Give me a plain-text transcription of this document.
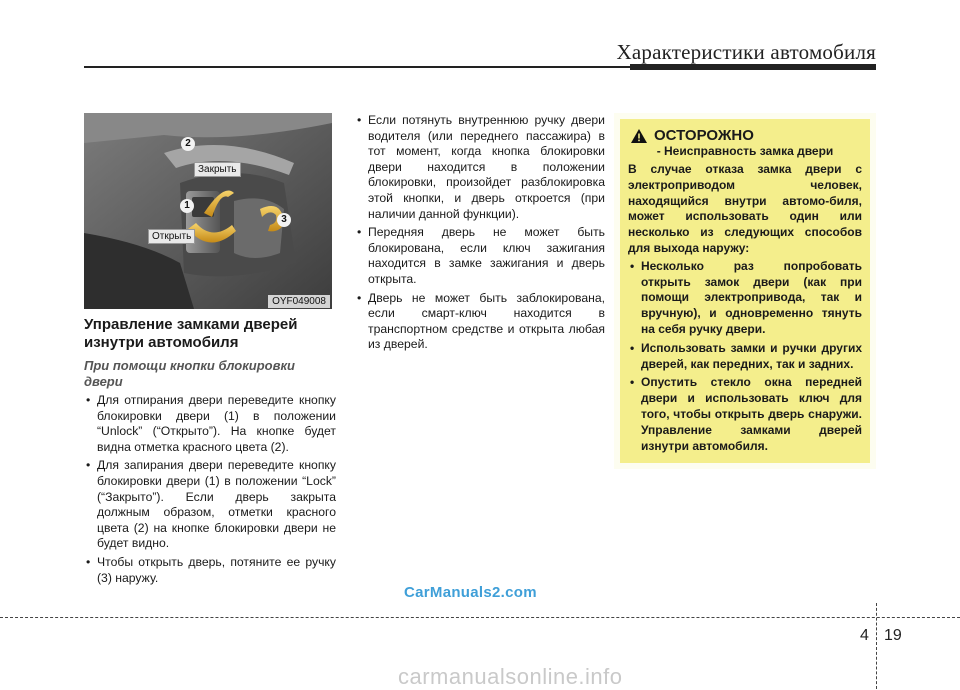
Характеристики автомобиля
2
1
3
Закрыть
Открыть
OYF049008
Управление замками дверей изнутри автомобиля
При помощи кнопки блокировки двери
• Для отпирания двери переведите кнопку блокировки двери (1) в положении “Unlock” (“Открыто”). На кнопке будет видна отметка красного цвета (2).
• Для запирания двери переведите кнопку блокировки двери (1) в положении “Lock” (“Закрыто”). Если дверь закрыта должным образом, отметки красного цвета (2) на кнопке блокировки двери не будет видно.
• Чтобы открыть дверь, потяните ее ручку (3) наружу.
• Если потянуть внутреннюю ручку двери водителя (или переднего пассажира) в тот момент, когда кнопка блокировки двери находится в положении блокировки, произойдет разблокировка этой кнопки, и дверь откроется (при наличии данной функции).
• Передняя дверь не может быть блокирована, если ключ зажигания находится в замке зажигания и дверь открыта.
• Дверь не может быть заблокирована, если смарт-ключ находится в транспортном средстве и открыта любая из дверей.
ОСТОРОЖНО
- Неисправность замка двери
В случае отказа замка двери с электроприводом человек, находящийся внутри автомо-биля, может использовать один или несколько из следующих способов для выхода наружу:
• Несколько раз попробовать открыть замок двери (как при помощи электропривода, так и вручную), и одновременно тянуть на себя ручку двери.
• Использовать замки и ручки других дверей, как передних, так и задних.
• Опустить стекло окна передней двери и использовать ключ для того, чтобы открыть дверь снаружи. Управление замками дверей изнутри автомобиля.
CarManuals2.com
4 19
carmanualsonline.info
